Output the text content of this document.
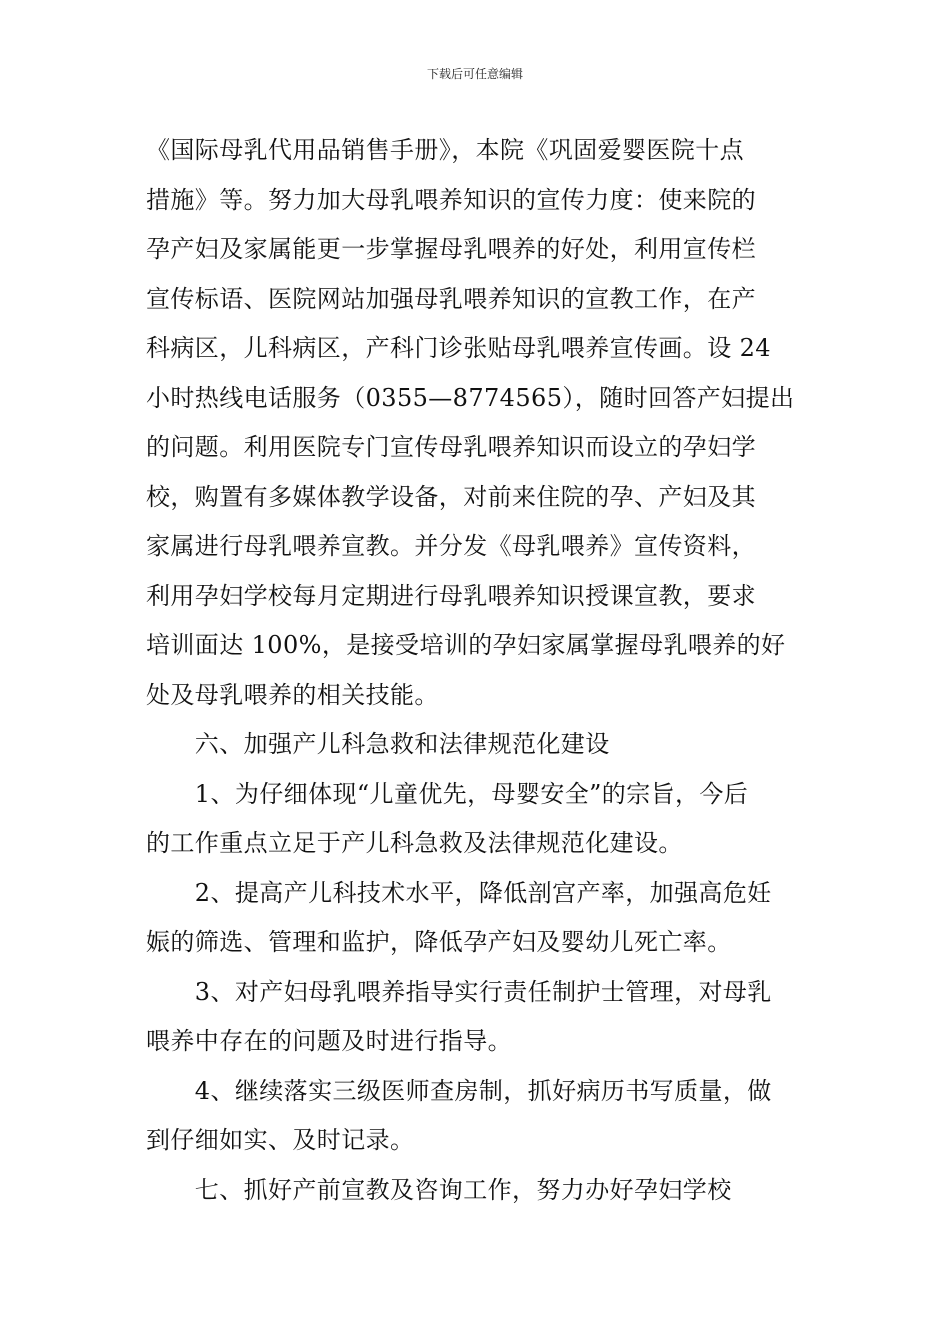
下载后可任意编辑
《国际母乳代用品销售手册》，本院《巩固爱婴医院十点
措施》等。努力加大母乳喂养知识的宣传力度：使来院的
孕产妇及家属能更一步掌握母乳喂养的好处，利用宣传栏
宣传标语、医院网站加强母乳喂养知识的宣教工作，在产
科病区，儿科病区，产科门诊张贴母乳喂养宣传画。设 24
小时热线电话服务（0355—8774565），随时回答产妇提出
的问题。利用医院专门宣传母乳喂养知识而设立的孕妇学
校，购置有多媒体教学设备，对前来住院的孕、产妇及其
家属进行母乳喂养宣教。并分发《母乳喂养》宣传资料，
利用孕妇学校每月定期进行母乳喂养知识授课宣教，要求
培训面达 100%，是接受培训的孕妇家属掌握母乳喂养的好
处及母乳喂养的相关技能。
　　六、加强产儿科急救和法律规范化建设
　　1、为仔细体现“儿童优先，母婴安全”的宗旨，今后
的工作重点立足于产儿科急救及法律规范化建设。
　　2、提高产儿科技术水平，降低剖宫产率，加强高危妊
娠的筛选、管理和监护，降低孕产妇及婴幼儿死亡率。
　　3、对产妇母乳喂养指导实行责任制护士管理，对母乳
喂养中存在的问题及时进行指导。
　　4、继续落实三级医师查房制，抓好病历书写质量，做
到仔细如实、及时记录。
　　七、抓好产前宣教及咨询工作，努力办好孕妇学校
